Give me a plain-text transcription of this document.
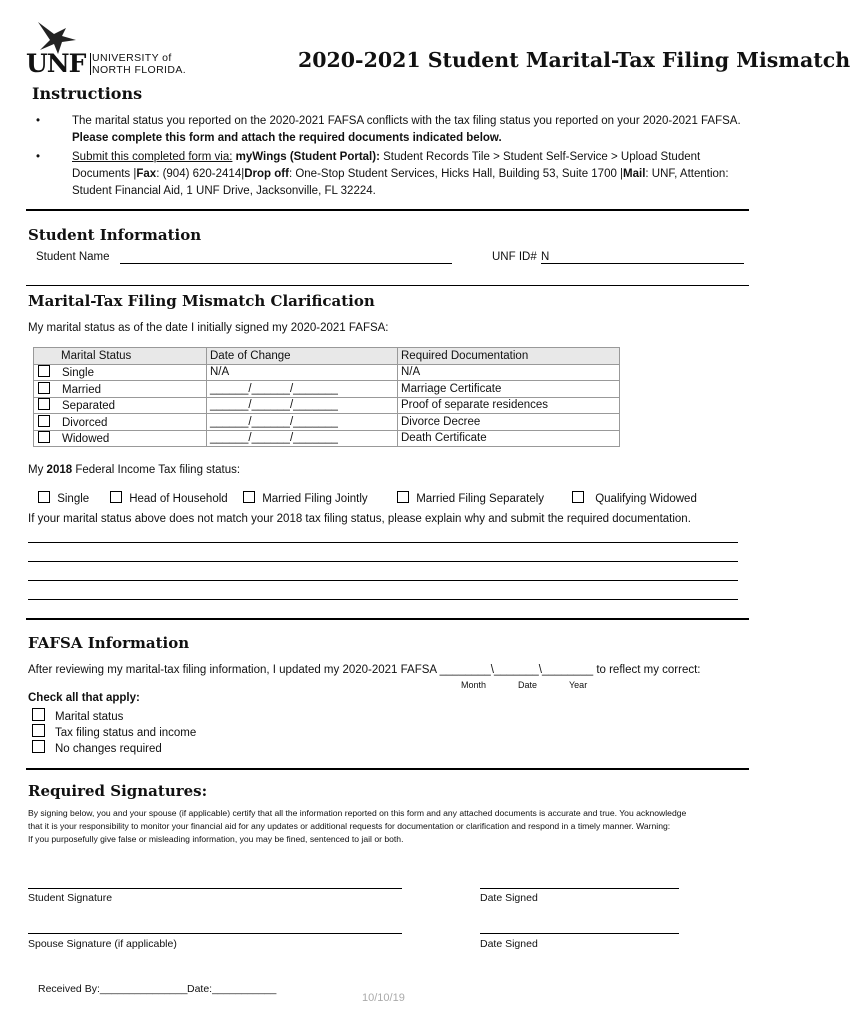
UNF UNIVERSITY of
NORTH FLORIDA.	2020-2021 Student Marital-Tax Filing Mismatch
Instructions
•	The marital status you reported on the 2020-2021 FAFSA conflicts with the tax filing status you reported on your 2020-2021 FAFSA.
Please complete this form and attach the required documents indicated below.
•	Submit this completed form via: myWings (Student Portal): Student Records Tile > Student Self-Service > Upload Student
Documents |Fax: (904) 620-2414|Drop off: One-Stop Student Services, Hicks Hall, Building 53, Suite 1700 |Mail: UNF, Attention:
Student Financial Aid, 1 UNF Drive, Jacksonville, FL 32224.
Student Information
Student Name	UNF ID# N
Marital-Tax Filing Mismatch Clarification
My marital status as of the date I initially signed my 2020-2021 FAFSA:
Marital Status	Date of Change	Required Documentation
Single	N/A	N/A
Married	______/______/_______	Marriage Certificate
Separated	______/______/_______	Proof of separate residences
Divorced	______/______/_______	Divorce Decree
Widowed	______/______/_______	Death Certificate
My 2018 Federal Income Tax filing status:
Single	Head of Household	Married Filing Jointly	Married Filing Separately	Qualifying Widowed
If your marital status above does not match your 2018 tax filing status, please explain why and submit the required documentation.
FAFSA Information
After reviewing my marital-tax filing information, I updated my 2020-2021 FAFSA ________\_______\________ to reflect my correct:
Month	Date	Year
Check all that apply:
Marital status
Tax filing status and income
No changes required
Required Signatures:
By signing below, you and your spouse (if applicable) certify that all the information reported on this form and any attached documents is accurate and true. You acknowledge
that it is your responsibility to monitor your financial aid for any updates or additional requests for documentation or clarification and respond in a timely manner. Warning:
If you purposefully give false or misleading information, you may be fined, sentenced to jail or both.
Student Signature	Date Signed
Spouse Signature (if applicable)	Date Signed
Received By:_______________ Date:___________
10/10/19
